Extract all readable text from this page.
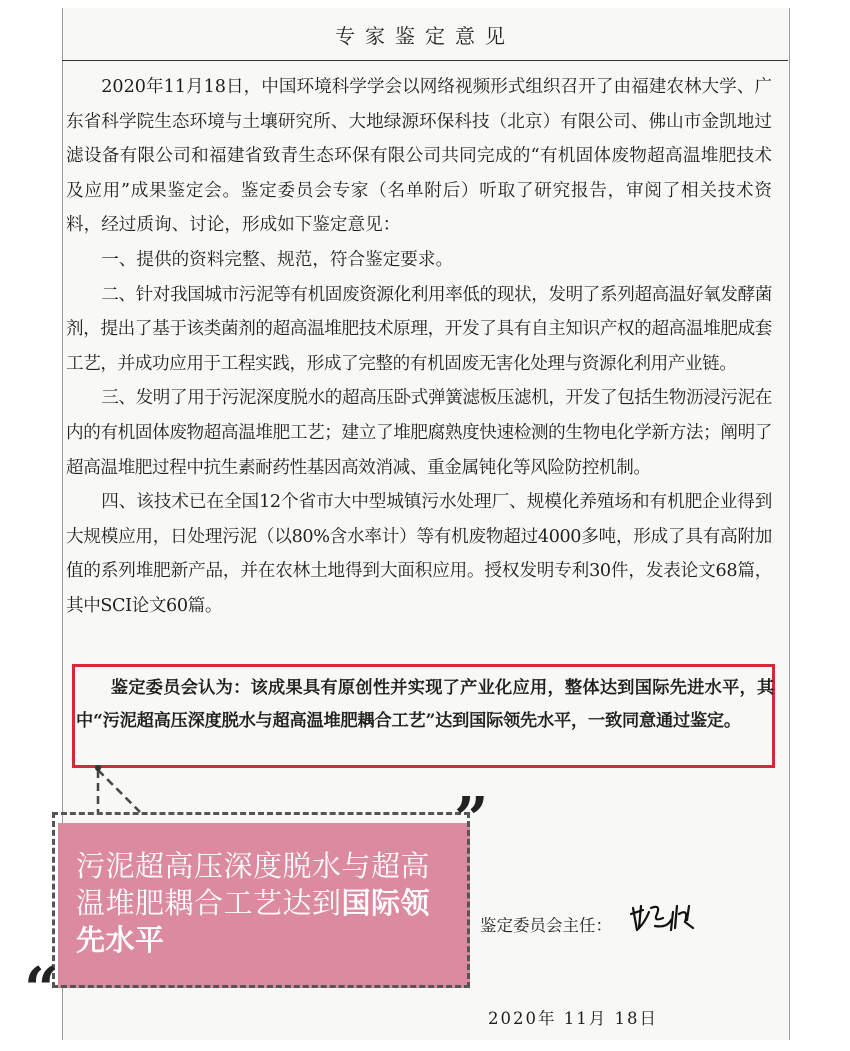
专家鉴定意见

2020年11月18日，中国环境科学学会以网络视频形式组织召开了由福建农林大学、广东省科学院生态环境与土壤研究所、大地绿源环保科技（北京）有限公司、佛山市金凯地过滤设备有限公司和福建省致青生态环保有限公司共同完成的“有机固体废物超高温堆肥技术及应用”成果鉴定会。鉴定委员会专家（名单附后）听取了研究报告，审阅了相关技术资料，经过质询、讨论，形成如下鉴定意见：

一、提供的资料完整、规范，符合鉴定要求。

二、针对我国城市污泥等有机固废资源化利用率低的现状，发明了系列超高温好氧发酵菌剂，提出了基于该类菌剂的超高温堆肥技术原理，开发了具有自主知识产权的超高温堆肥成套工艺，并成功应用于工程实践，形成了完整的有机固废无害化处理与资源化利用产业链。

三、发明了用于污泥深度脱水的超高压卧式弹簧滤板压滤机，开发了包括生物沥浸污泥在内的有机固体废物超高温堆肥工艺；建立了堆肥腐熟度快速检测的生物电化学新方法；阐明了超高温堆肥过程中抗生素耐药性基因高效消减、重金属钝化等风险防控机制。

四、该技术已在全国12个省市大中型城镇污水处理厂、规模化养殖场和有机肥企业得到大规模应用，日处理污泥（以80%含水率计）等有机废物超过4000多吨，形成了具有高附加值的系列堆肥新产品，并在农林土地得到大面积应用。授权发明专利30件，发表论文68篇，其中SCI论文60篇。

鉴定委员会认为：该成果具有原创性并实现了产业化应用，整体达到国际先进水平，其中“污泥超高压深度脱水与超高温堆肥耦合工艺”达到国际领先水平，一致同意通过鉴定。
污泥超高压深度脱水与超高
温堆肥耦合工艺达到国际领
先水平
”
“
鉴定委员会主任：
2020年 11月 18日
